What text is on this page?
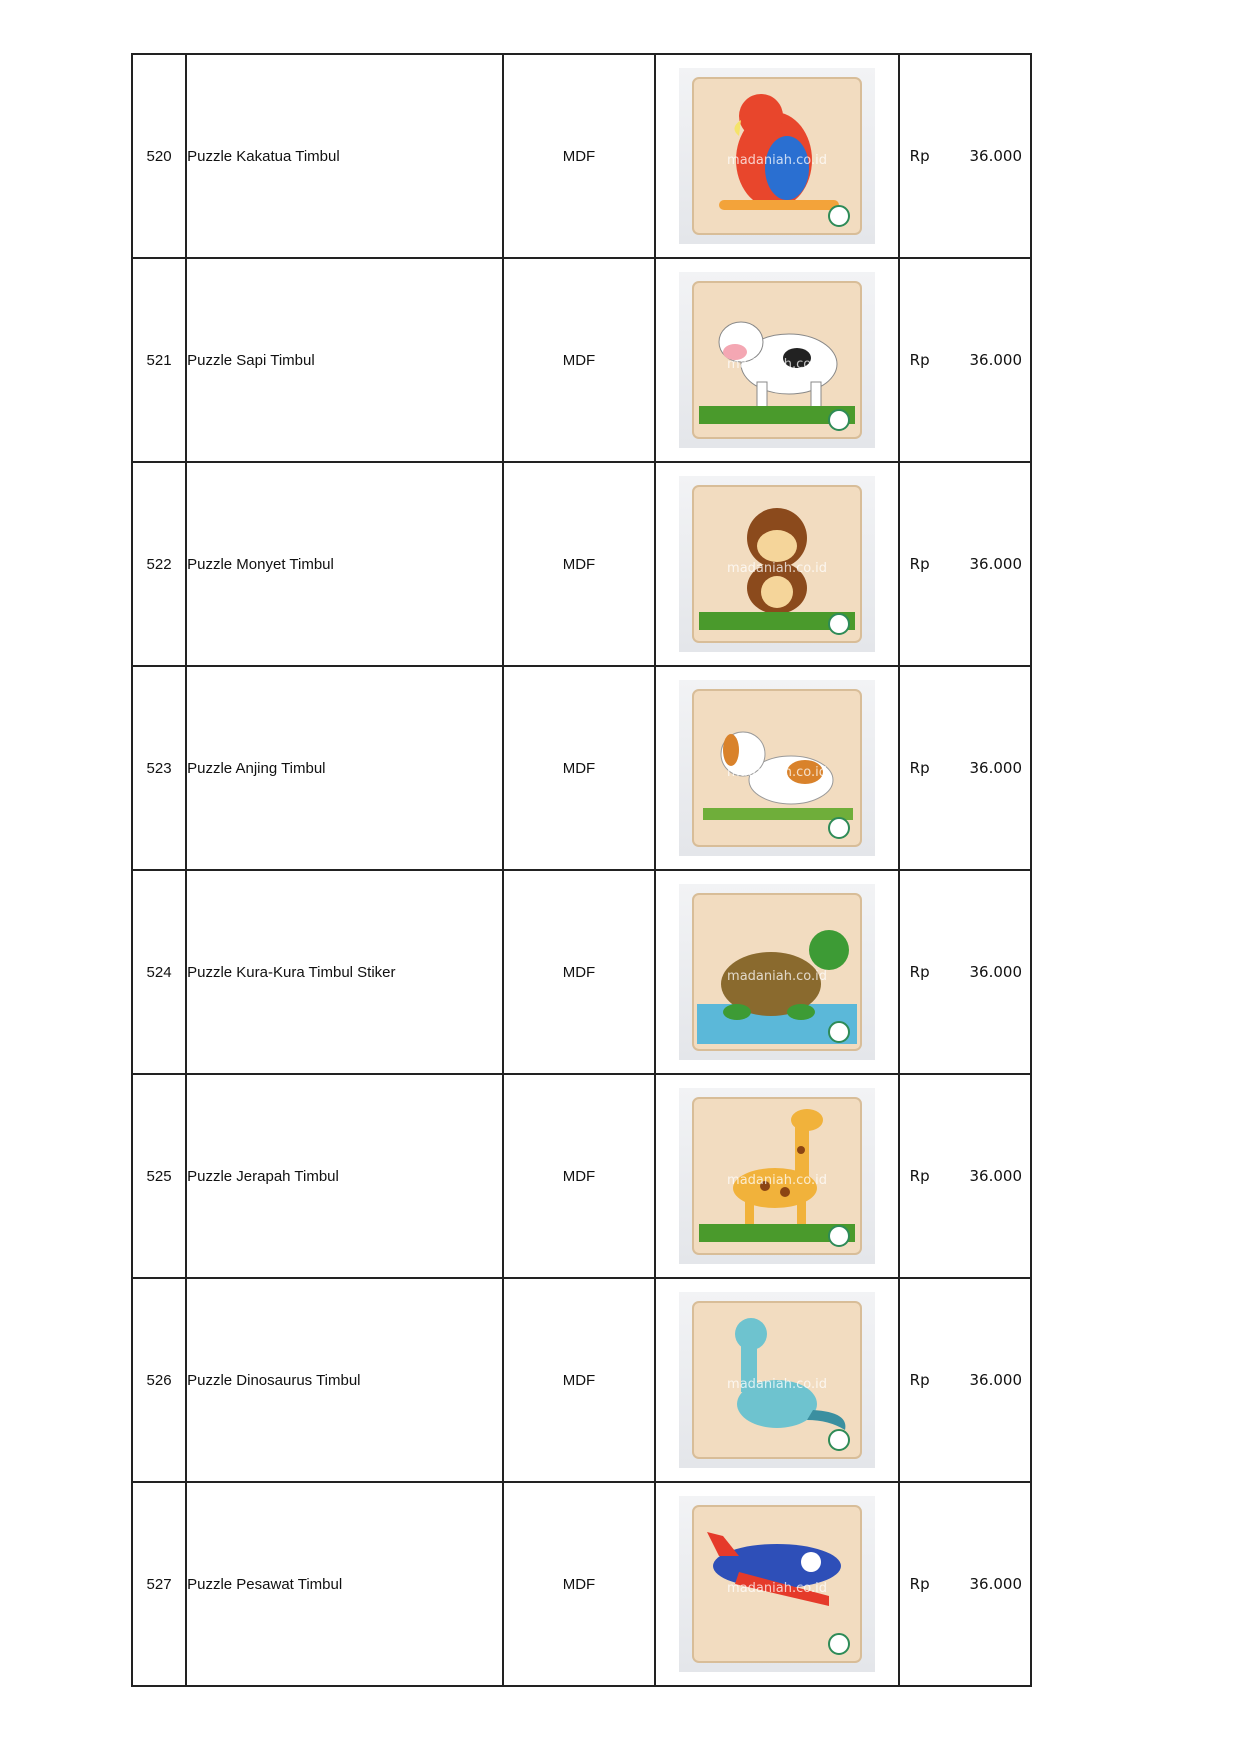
520	Puzzle Kakatua Timbul	MDF	madaniah.co.id	Rp 36.000

521	Puzzle Sapi Timbul	MDF	madaniah.co.id	Rp 36.000

522	Puzzle Monyet Timbul	MDF	madaniah.co.id	Rp 36.000

523	Puzzle Anjing Timbul	MDF	madaniah.co.id	Rp 36.000

524	Puzzle Kura-Kura Timbul Stiker	MDF	madaniah.co.id	Rp 36.000

525	Puzzle Jerapah Timbul	MDF	madaniah.co.id	Rp 36.000

526	Puzzle Dinosaurus Timbul	MDF	madaniah.co.id	Rp 36.000

527	Puzzle Pesawat Timbul	MDF	madaniah.co.id	Rp 36.000
